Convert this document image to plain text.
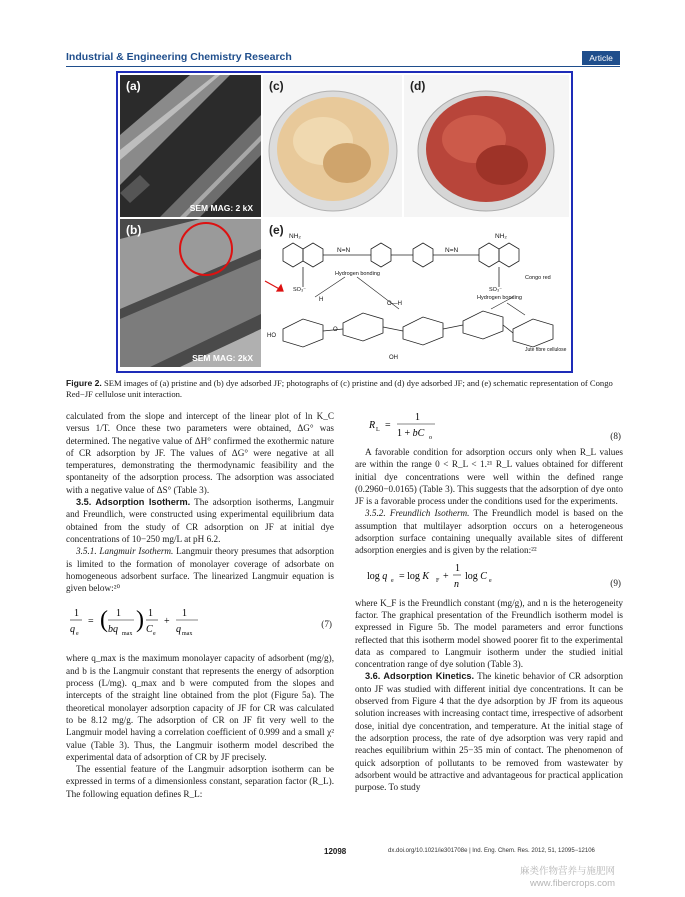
Industrial & Engineering Chemistry Research	Article
(a)
SEM MAG: 2 kX
(c)	(d)
(b)
SEM MAG: 2kX
NH₂	NH₂
N=N	N=N
Hydrogen bonding
Hydrogen bonding
Congo red
Jute fibre cellulose
SO₃⁻	SO₃⁻
HO
OH
O—H
H
O
(e)
Figure 2. SEM images of (a) pristine and (b) dye adsorbed JF; photographs of (c) pristine and (d) dye adsorbed JF; and (e) schematic representation of Congo Red−JF cellulose unit interaction.

calculated from the slope and intercept of the linear plot of ln K_C versus 1/T. Once these two parameters were obtained, ΔG° was determined. The negative value of ΔH° confirmed the exothermic nature of CR adsorption by JF. The values of ΔG° were negative at all temperatures, demonstrating the thermodynamic feasibility and the spontaneity of the adsorption process. The adsorption was associated with a negative value of ΔS° (Table 3).

3.5. Adsorption Isotherm. The adsorption isotherms, Langmuir and Freundlich, were constructed using experimental equilibrium data obtained from the study of CR adsorption on JF at initial dye concentrations of 10−250 mg/L at pH 6.2.

3.5.1. Langmuir Isotherm. Langmuir theory presumes that adsorption is limited to the formation of monolayer coverage of adsorbate on homogeneous adsorbent surface. The linearized Langmuir equation is given below:²⁰

1
q e
= ( 1
bq max
) 1
C e
+
1
q max
(7)

where q_max is the maximum monolayer capacity of adsorbent (mg/g), and b is the Langmuir constant that represents the energy of adsorption process (L/mg). q_max and b were computed from the slopes and intercepts of the straight line obtained from the plot (Figure 5a). The theoretical monolayer adsorption capacity of JF for CR was calculated to be 8.12 mg/g. The adsorption of CR on JF fit very well to the Langmuir model having a correlation coefficient of 0.999 and a small χ² value (Table 3). Thus, the Langmuir isotherm model described the experimental data of adsorption of CR by JF precisely.

The essential feature of the Langmuir adsorption isotherm can be expressed in terms of a dimensionless constant, separation factor (R_L). The following equation defines R_L:

R L =
1
1 + bC o	(8)

A favorable condition for adsorption occurs only when R_L values are within the range 0 < R_L < 1.²¹ R_L values obtained for different initial dye concentrations were well within the defined range (0.2960−0.0165) (Table 3). This suggests that the adsorption of dye onto JF is a favorable process under the conditions used for the experiments.

3.5.2. Freundlich Isotherm. The Freundlich model is based on the assumption that multilayer adsorption occurs on a heterogeneous adsorption surface containing unequally available sites of different adsorption energies and is given by the relation:²²

log q e = log K F +
1
n
log C e	(9)

where K_F is the Freundlich constant (mg/g), and n is the heterogeneity factor. The graphical presentation of the Freundlich isotherm model is expressed in Figure 5b. The model parameters and error functions reflected that this isotherm model showed poorer fit to the experimental data as compared to Langmuir isotherm under the studied initial concentration range of dye solution (Table 3).

3.6. Adsorption Kinetics. The kinetic behavior of CR adsorption onto JF was studied with different initial dye concentrations. It can be observed from Figure 4 that the dye adsorption by JF from its aqueous solution increases with increasing contact time, irrespective of adsorbent dose, initial dye concentration, and temperature. At the initial stage of the adsorption process, the rate of dye adsorption was very rapid and reaches equilibrium within 25−35 min of contact. The phenomenon of quick adsorption of pollutants to be removed from wastewater by adsorbent would be attractive and advantageous for practical application purpose. To study

12098	dx.doi.org/10.1021/ie301708e | Ind. Eng. Chem. Res. 2012, 51, 12095−12106
麻类作物营养与施肥网
www.fibercrops.com
